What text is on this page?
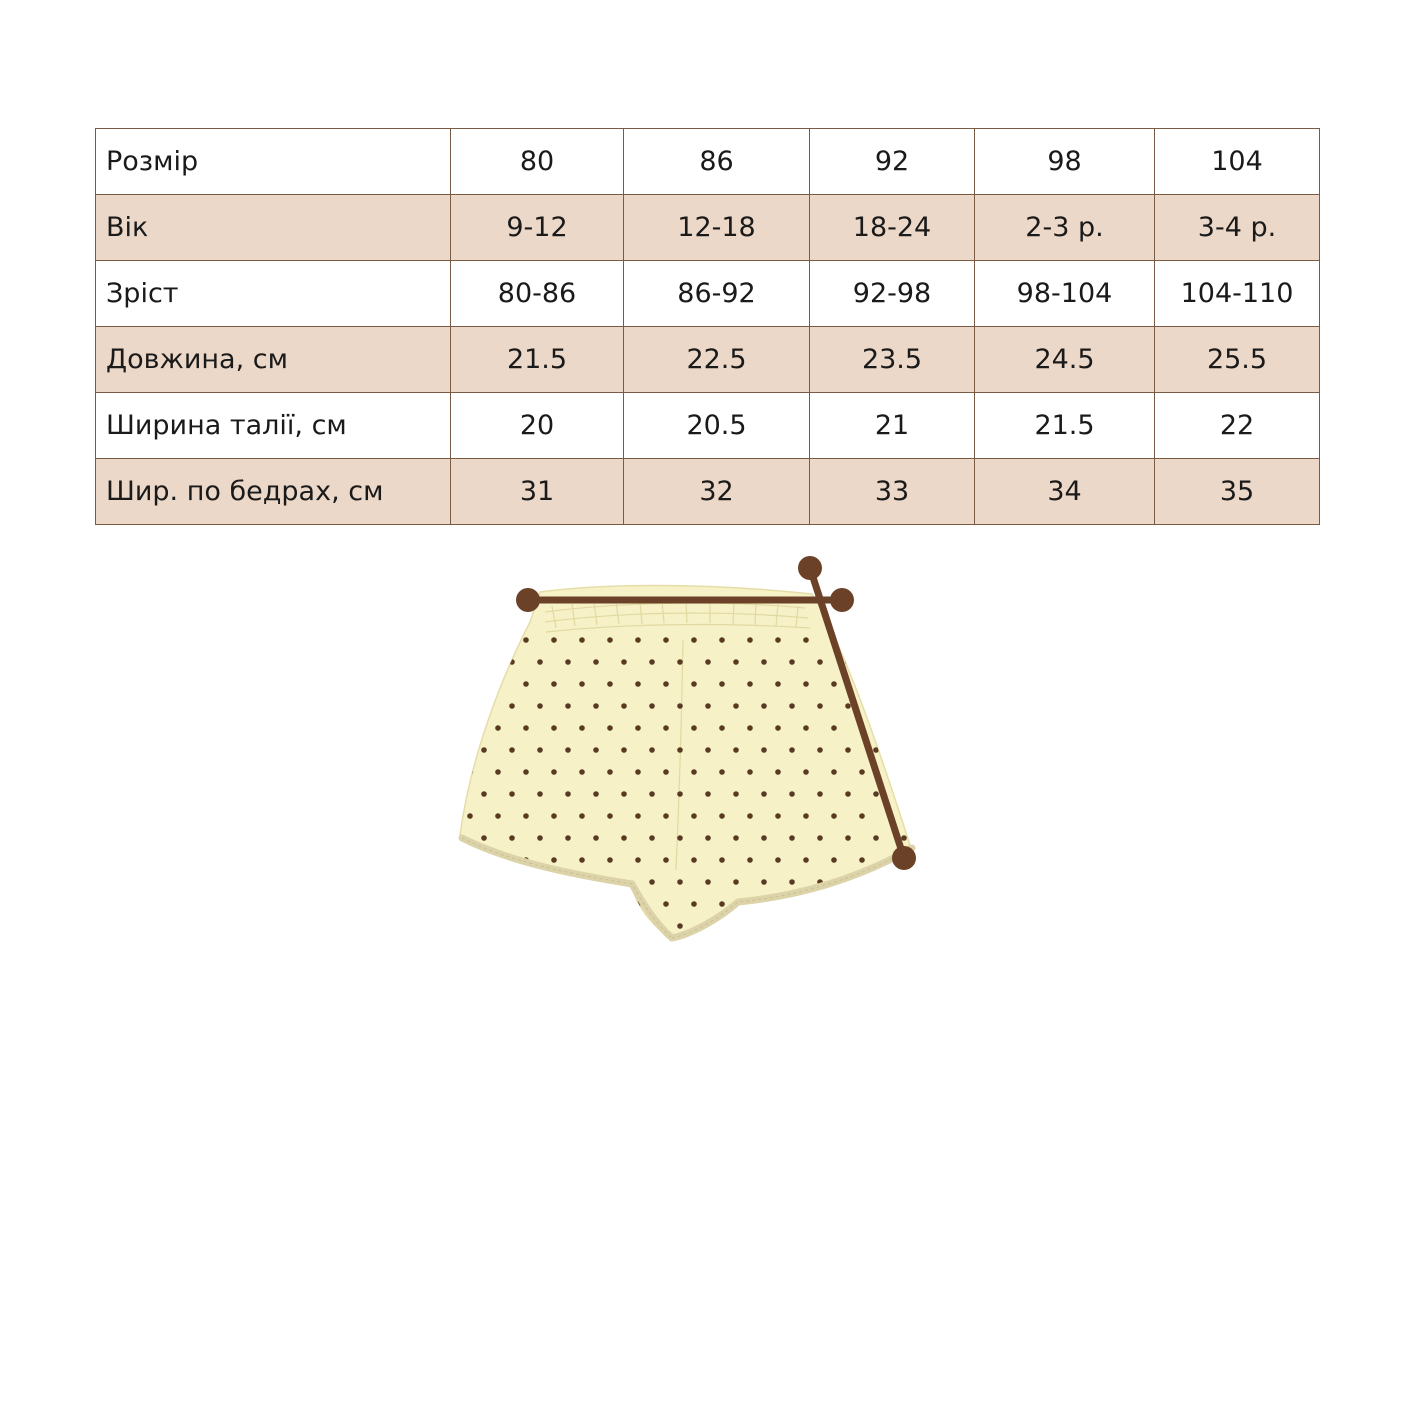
Розмір	80	86	92	98	104
Вік	9-12	12-18	18-24	2-3 р.	3-4 р.
Зріст	80-86	86-92	92-98	98-104	104-110
Довжина, см	21.5	22.5	23.5	24.5	25.5
Ширина талії, см	20	20.5	21	21.5	22
Шир. по бедрах, см	31	32	33	34	35
